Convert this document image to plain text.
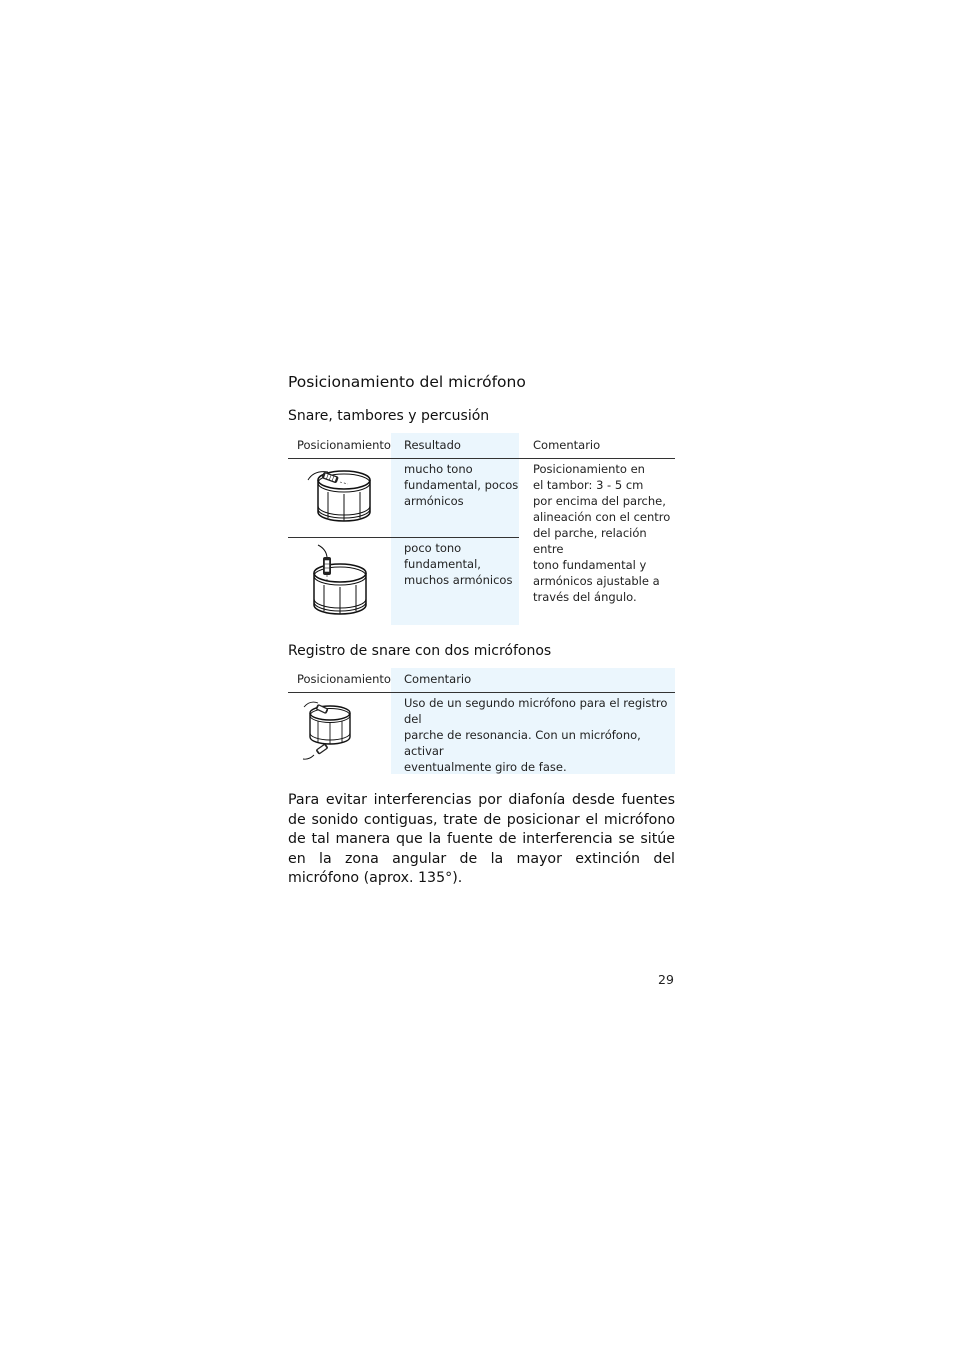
Posicionamiento del micrófono
Snare, tambores y percusión
Posicionamiento Resultado	Comentario
mucho tono
fundamental, pocos
armónicos
poco tono
fundamental,
muchos armónicos
Posicionamiento en
el tambor: 3 - 5 cm
por encima del parche,
alineación con el centro
del parche, relación entre
tono fundamental y
armónicos ajustable a
través del ángulo.
Registro de snare con dos micrófonos
Posicionamiento Comentario
Uso de un segundo micrófono para el registro del
parche de resonancia. Con un micrófono, activar
eventualmente giro de fase.

Para evitar interferencias por diafonía desde fuentes de sonido contiguas, trate de posicionar el micrófono de tal manera que la fuente de interferencia se sitúe en la zona angular de la mayor extinción del micrófono (aprox. 135°).

29
